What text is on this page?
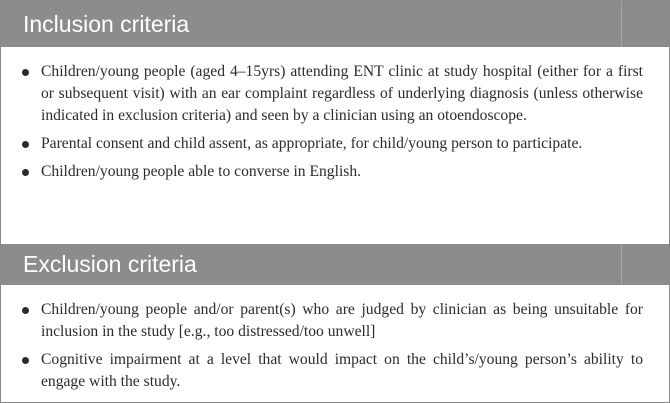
Inclusion criteria
Children/young people (aged 4–15yrs) attending ENT clinic at study hospital (either for a first or subsequent visit) with an ear complaint regardless of underlying diagnosis (unless otherwise indicated in exclusion criteria) and seen by a clinician using an otoendoscope.
Parental consent and child assent, as appropriate, for child/young person to participate.
Children/young people able to converse in English.
Exclusion criteria
Children/young people and/or parent(s) who are judged by clinician as being unsuitable for inclusion in the study [e.g., too distressed/too unwell]
Cognitive impairment at a level that would impact on the child’s/young person’s ability to engage with the study.
